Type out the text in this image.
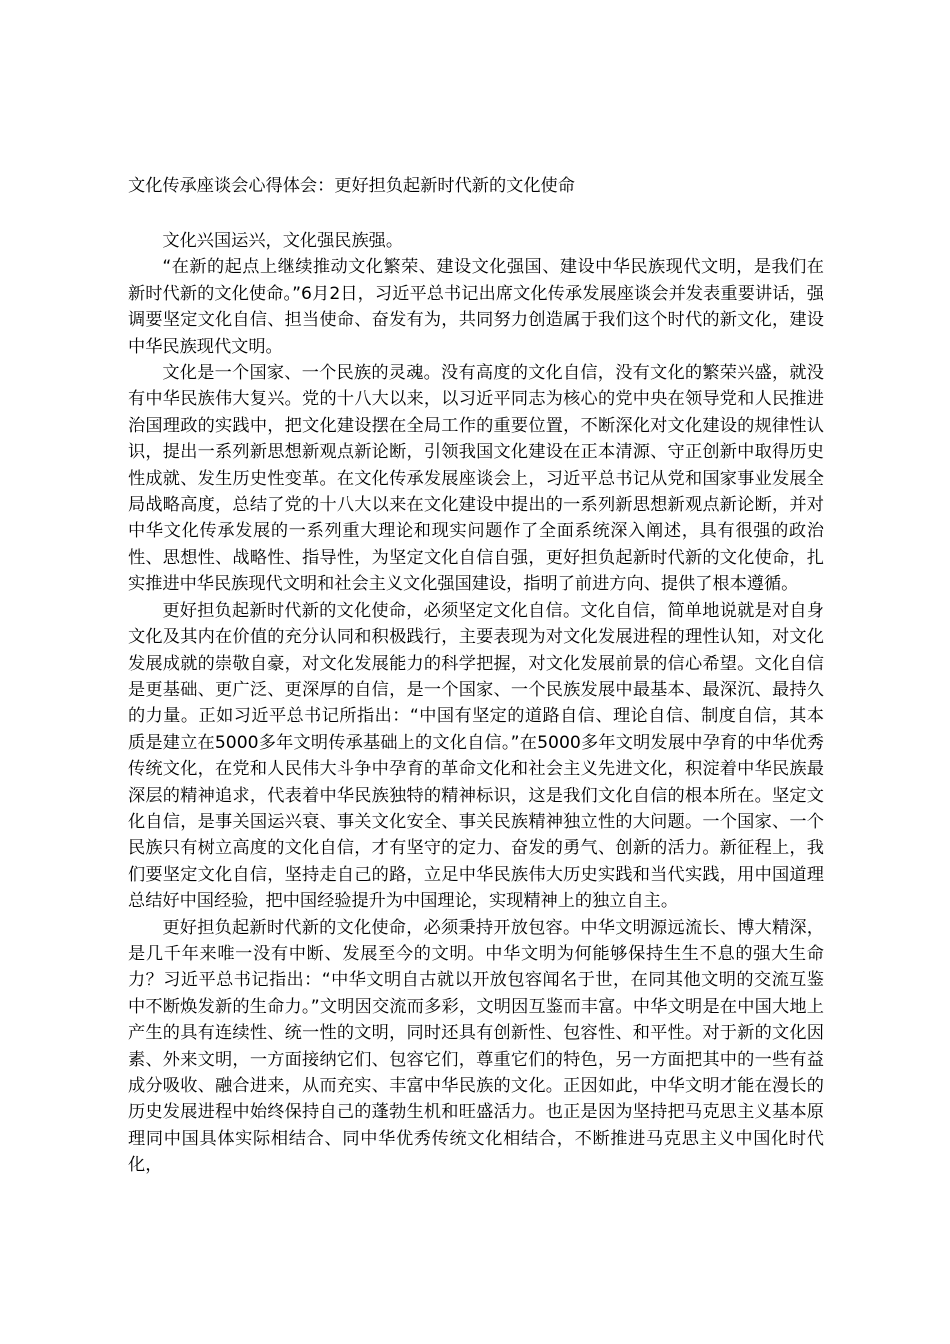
文化传承座谈会心得体会：更好担负起新时代新的文化使命

文化兴国运兴，文化强民族强。

“在新的起点上继续推动文化繁荣、建设文化强国、建设中华民族现代文明，是我们在新时代新的文化使命。”6月2日，习近平总书记出席文化传承发展座谈会并发表重要讲话，强调要坚定文化自信、担当使命、奋发有为，共同努力创造属于我们这个时代的新文化，建设中华民族现代文明。

文化是一个国家、一个民族的灵魂。没有高度的文化自信，没有文化的繁荣兴盛，就没有中华民族伟大复兴。党的十八大以来，以习近平同志为核心的党中央在领导党和人民推进治国理政的实践中，把文化建设摆在全局工作的重要位置，不断深化对文化建设的规律性认识，提出一系列新思想新观点新论断，引领我国文化建设在正本清源、守正创新中取得历史性成就、发生历史性变革。在文化传承发展座谈会上，习近平总书记从党和国家事业发展全局战略高度，总结了党的十八大以来在文化建设中提出的一系列新思想新观点新论断，并对中华文化传承发展的一系列重大理论和现实问题作了全面系统深入阐述，具有很强的政治性、思想性、战略性、指导性，为坚定文化自信自强，更好担负起新时代新的文化使命，扎实推进中华民族现代文明和社会主义文化强国建设，指明了前进方向、提供了根本遵循。

更好担负起新时代新的文化使命，必须坚定文化自信。文化自信，简单地说就是对自身文化及其内在价值的充分认同和积极践行，主要表现为对文化发展进程的理性认知，对文化发展成就的崇敬自豪，对文化发展能力的科学把握，对文化发展前景的信心希望。文化自信是更基础、更广泛、更深厚的自信，是一个国家、一个民族发展中最基本、最深沉、最持久的力量。正如习近平总书记所指出：“中国有坚定的道路自信、理论自信、制度自信，其本质是建立在5000多年文明传承基础上的文化自信。”在5000多年文明发展中孕育的中华优秀传统文化，在党和人民伟大斗争中孕育的革命文化和社会主义先进文化，积淀着中华民族最深层的精神追求，代表着中华民族独特的精神标识，这是我们文化自信的根本所在。坚定文化自信，是事关国运兴衰、事关文化安全、事关民族精神独立性的大问题。一个国家、一个民族只有树立高度的文化自信，才有坚守的定力、奋发的勇气、创新的活力。新征程上，我们要坚定文化自信，坚持走自己的路，立足中华民族伟大历史实践和当代实践，用中国道理总结好中国经验，把中国经验提升为中国理论，实现精神上的独立自主。

更好担负起新时代新的文化使命，必须秉持开放包容。中华文明源远流长、博大精深，是几千年来唯一没有中断、发展至今的文明。中华文明为何能够保持生生不息的强大生命力？习近平总书记指出：“中华文明自古就以开放包容闻名于世，在同其他文明的交流互鉴中不断焕发新的生命力。”文明因交流而多彩，文明因互鉴而丰富。中华文明是在中国大地上产生的具有连续性、统一性的文明，同时还具有创新性、包容性、和平性。对于新的文化因素、外来文明，一方面接纳它们、包容它们，尊重它们的特色，另一方面把其中的一些有益成分吸收、融合进来，从而充实、丰富中华民族的文化。正因如此，中华文明才能在漫长的历史发展进程中始终保持自己的蓬勃生机和旺盛活力。也正是因为坚持把马克思主义基本原理同中国具体实际相结合、同中华优秀传统文化相结合，不断推进马克思主义中国化时代化，
